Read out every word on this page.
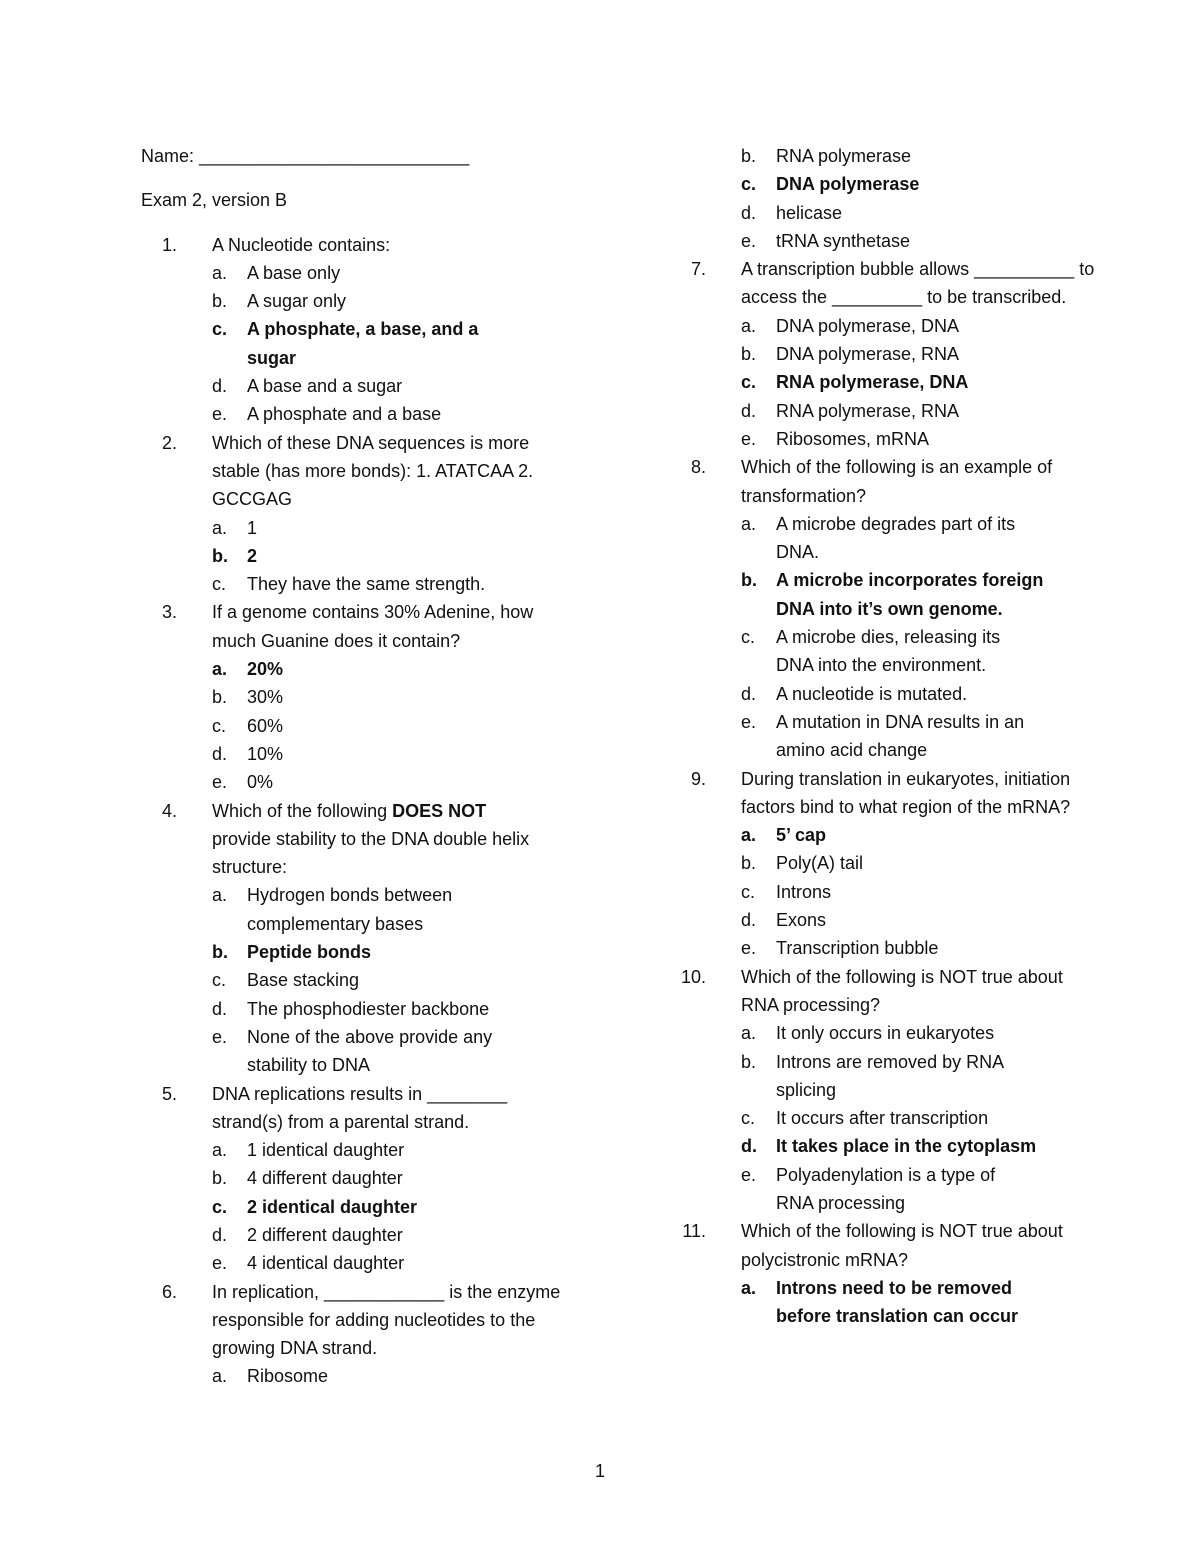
Name: ___________________________
Exam 2, version B
1.	A Nucleotide contains:
a.	A base only
b.	A sugar only
c.	A phosphate, a base, and a sugar
d.	A base and a sugar
e.	A phosphate and a base
2.	Which of these DNA sequences is more stable (has more bonds): 1. ATATCAA 2. GCCGAG
a.	1
b.	2
c.	They have the same strength.
3.	If a genome contains 30% Adenine, how much Guanine does it contain?
a.	20%
b.	30%
c.	60%
d.	10%
e.	0%
4.	Which of the following DOES NOT provide stability to the DNA double helix structure:
a.	Hydrogen bonds between complementary bases
b.	Peptide bonds
c.	Base stacking
d.	The phosphodiester backbone
e.	None of the above provide any stability to DNA
5.	DNA replications results in ________ strand(s) from a parental strand.
a.	1 identical daughter
b.	4 different daughter
c.	2 identical daughter
d.	2 different daughter
e.	4 identical daughter
6.	In replication, ____________ is the enzyme responsible for adding nucleotides to the growing DNA strand.
a.	Ribosome
b.	RNA polymerase
c.	DNA polymerase
d.	helicase
e.	tRNA synthetase
7.	A transcription bubble allows __________ to access the _________ to be transcribed.
a.	DNA polymerase, DNA
b.	DNA polymerase, RNA
c.	RNA polymerase, DNA
d.	RNA polymerase, RNA
e.	Ribosomes, mRNA
8.	Which of the following is an example of transformation?
a.	A microbe degrades part of its DNA.
b.	A microbe incorporates foreign DNA into it’s own genome.
c.	A microbe dies, releasing its DNA into the environment.
d.	A nucleotide is mutated.
e.	A mutation in DNA results in an amino acid change
9.	During translation in eukaryotes, initiation factors bind to what region of the mRNA?
a.	5’ cap
b.	Poly(A) tail
c.	Introns
d.	Exons
e.	Transcription bubble
10.	Which of the following is NOT true about RNA processing?
a.	It only occurs in eukaryotes
b.	Introns are removed by RNA splicing
c.	It occurs after transcription
d.	It takes place in the cytoplasm
e.	Polyadenylation is a type of RNA processing
11.	Which of the following is NOT true about polycistronic mRNA?
a.	Introns need to be removed before translation can occur
1
